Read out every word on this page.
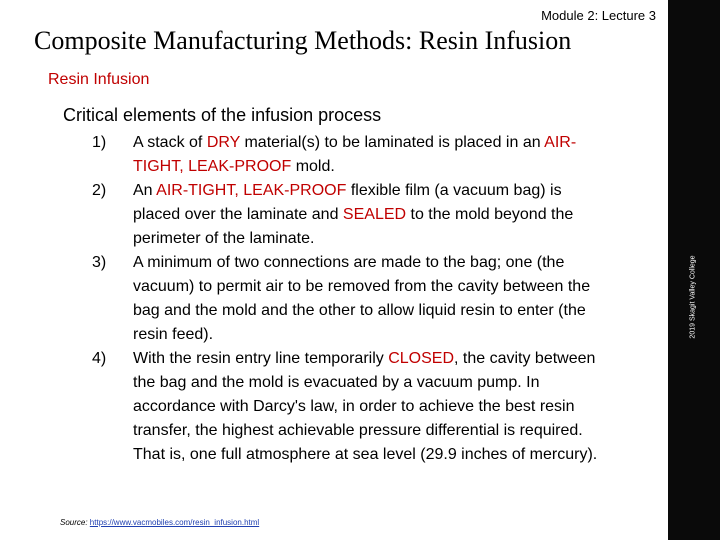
Module 2: Lecture 3
Composite Manufacturing Methods: Resin Infusion
Resin Infusion
Critical elements of the infusion process
1) A stack of DRY material(s) to be laminated is placed in an AIR-TIGHT, LEAK-PROOF mold.
2) An AIR-TIGHT, LEAK-PROOF flexible film (a vacuum bag) is placed over the laminate and SEALED to the mold beyond the perimeter of the laminate.
3) A minimum of two connections are made to the bag; one (the vacuum) to permit air to be removed from the cavity between the bag and the mold and the other to allow liquid resin to enter (the resin feed).
4) With the resin entry line temporarily CLOSED, the cavity between the bag and the mold is evacuated by a vacuum pump. In accordance with Darcy's law, in order to achieve the best resin transfer, the highest achievable pressure differential is required. That is, one full atmosphere at sea level (29.9 inches of mercury).
Source: https://www.vacmobiles.com/resin_infusion.html
2019 Skagit Valley College
